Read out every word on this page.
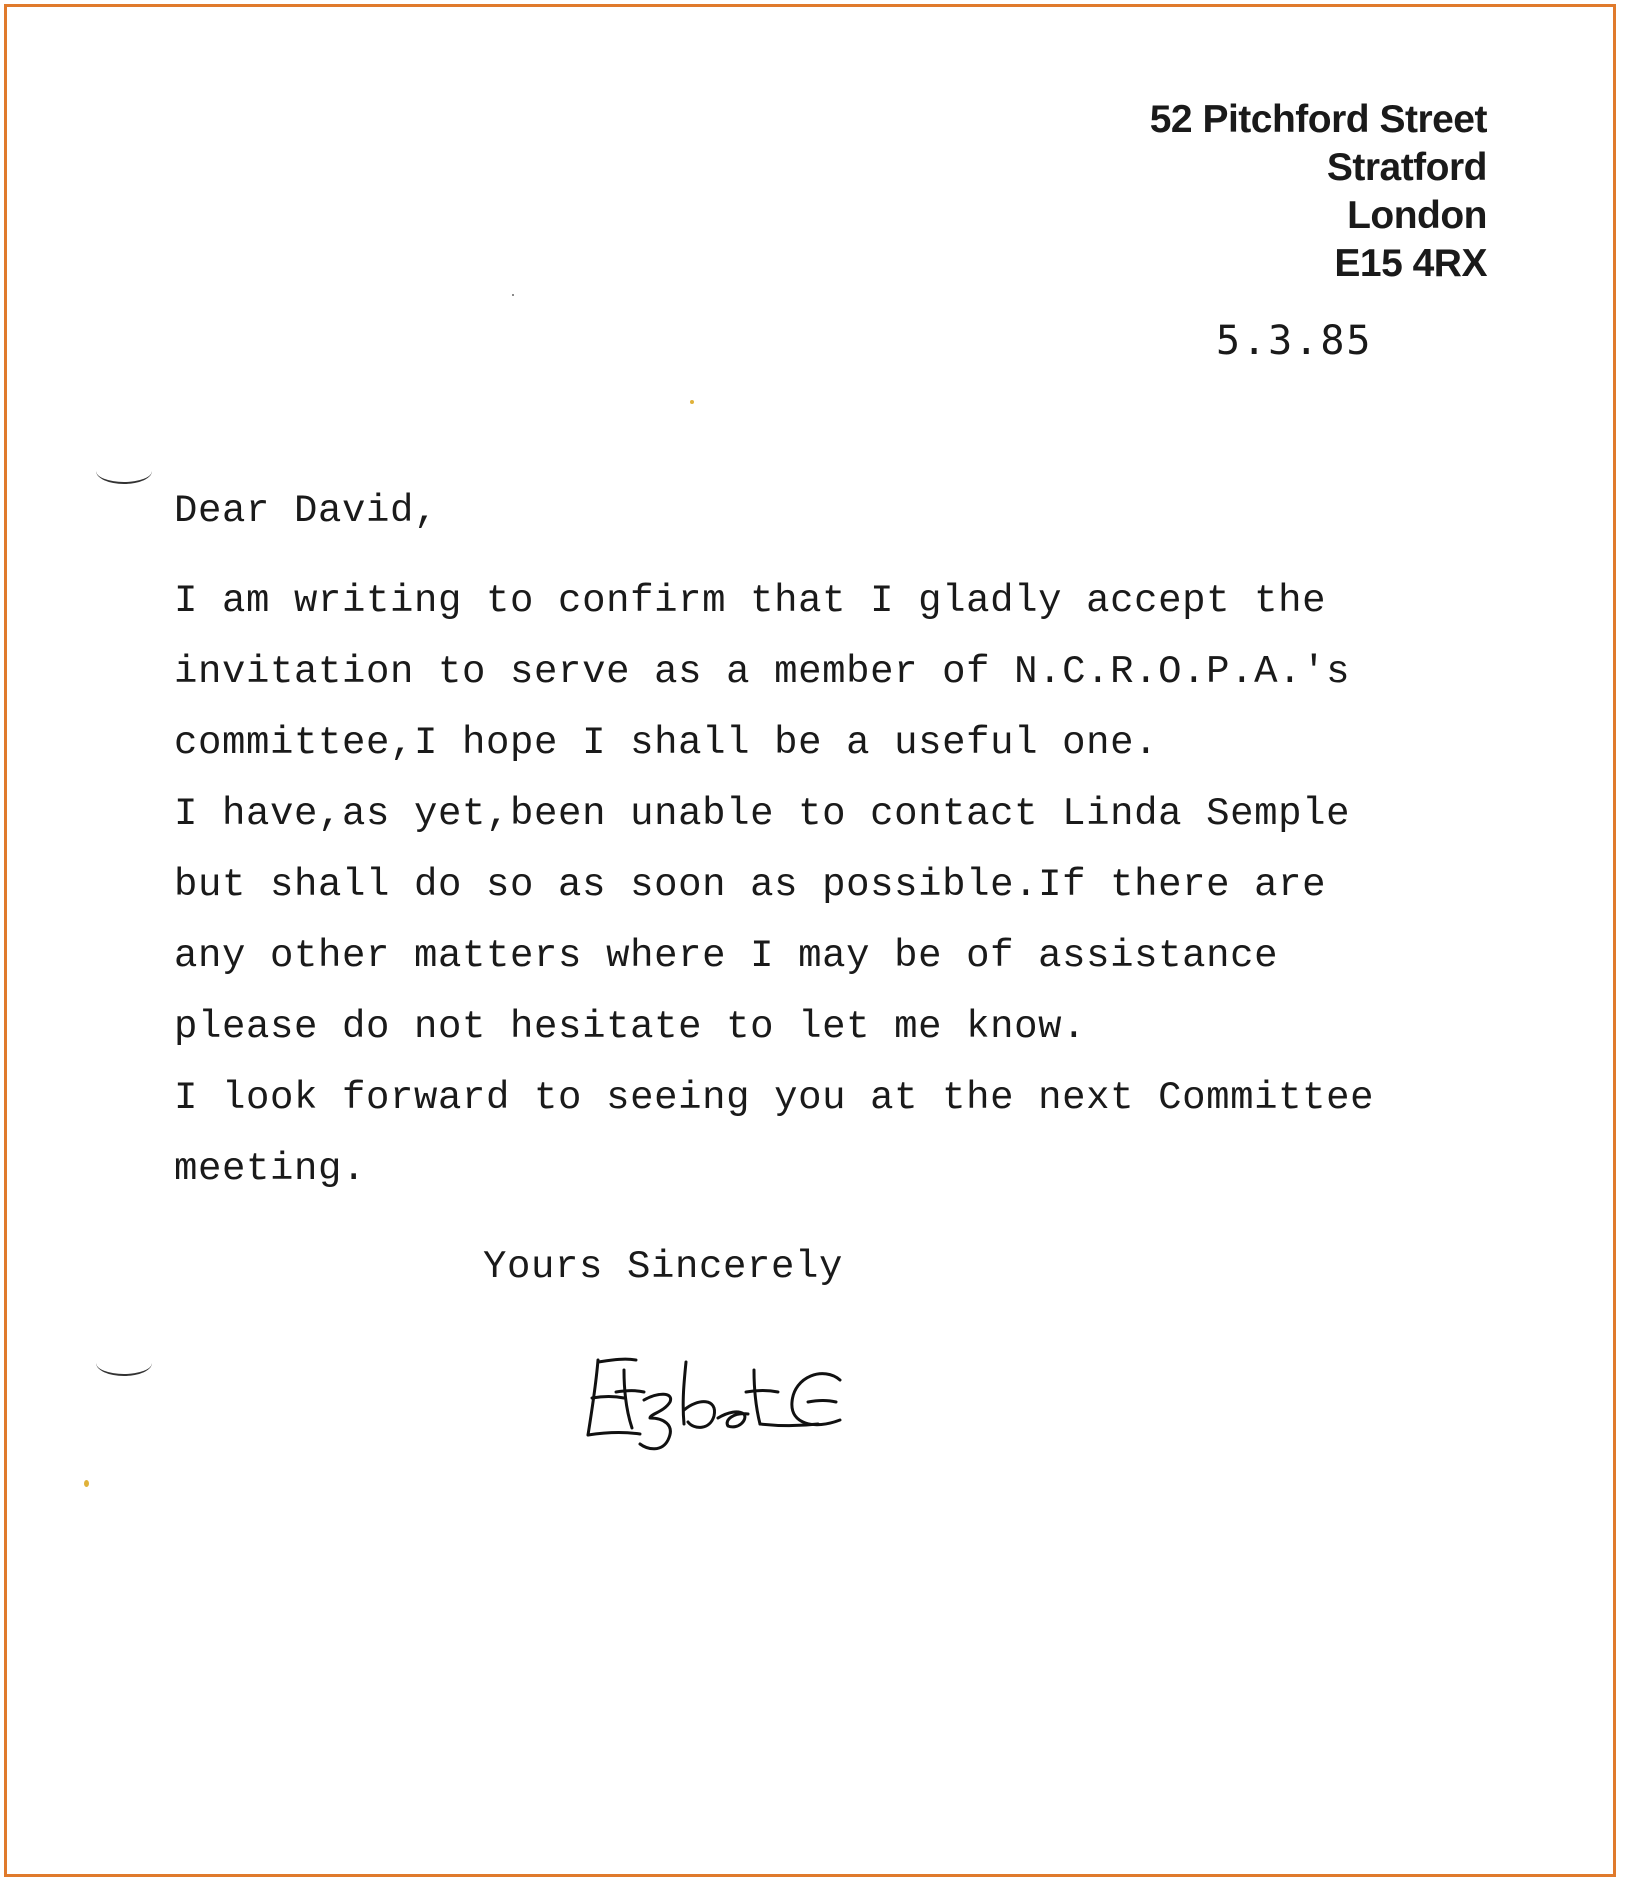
52 Pitchford Street
Stratford
London
E15 4RX
5.3.85
Dear David,
I am writing to confirm that I gladly accept the
invitation to serve as a member of N.C.R.O.P.A.'s
committee,I hope I shall be a useful one.
I have,as yet,been unable to contact Linda Semple
but shall do so as soon as possible.If there are
any other matters where I may be of assistance
please do not hesitate to let me know.
I look forward to seeing you at the next Committee
meeting.
Yours Sincerely
